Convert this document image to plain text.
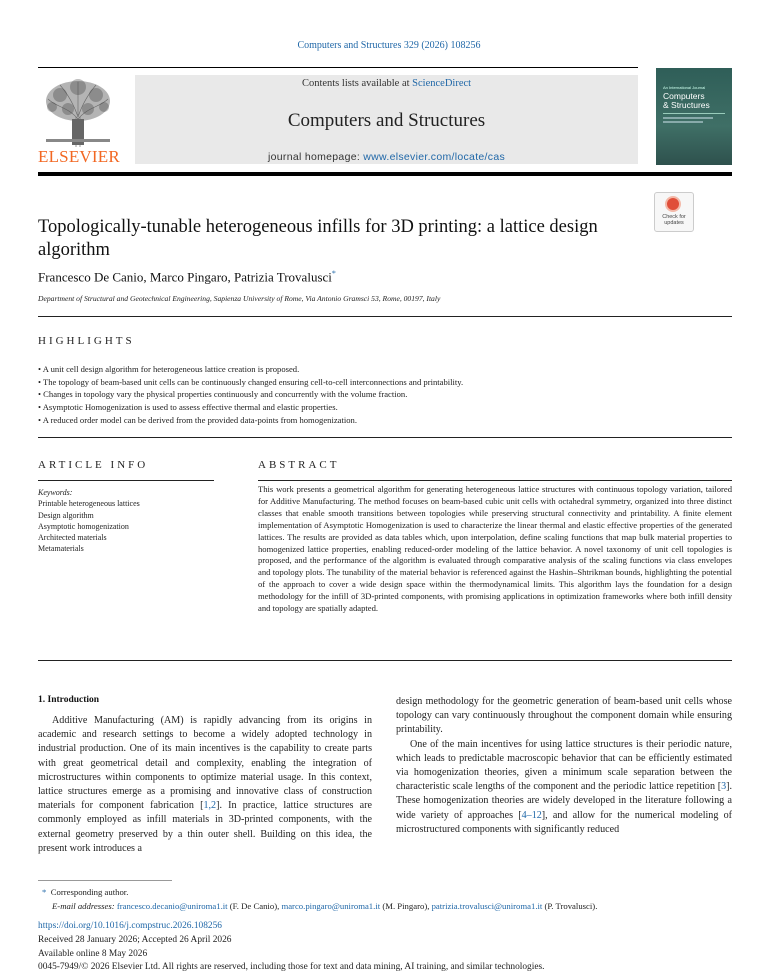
Computers and Structures 329 (2026) 108256
ELSEVIER
Contents lists available at ScienceDirect
Computers and Structures
journal homepage: www.elsevier.com/locate/cas
An International Journal
Computers
& Structures
Check for
updates
Topologically-tunable heterogeneous infills for 3D printing: a lattice design algorithm
Francesco De Canio, Marco Pingaro, Patrizia Trovalusci*
Department of Structural and Geotechnical Engineering, Sapienza University of Rome, Via Antonio Gramsci 53, Rome, 00197, Italy
HIGHLIGHTS
• A unit cell design algorithm for heterogeneous lattice creation is proposed.
• The topology of beam-based unit cells can be continuously changed ensuring cell-to-cell interconnections and printability.
• Changes in topology vary the physical properties continuously and concurrently with the volume fraction.
• Asymptotic Homogenization is used to assess effective thermal and elastic properties.
• A reduced order model can be derived from the provided data-points from homogenization.
ARTICLE INFO	ABSTRACT
Keywords:
Printable heterogeneous lattices
Design algorithm
Asymptotic homogenization
Architected materials
Metamaterials
This work presents a geometrical algorithm for generating heterogeneous lattice structures with continuous topology variation, tailored for Additive Manufacturing. The method focuses on beam-based cubic unit cells with octahedral symmetry, organized into three distinct classes that enable smooth transitions between topologies while preserving structural connectivity and printability. A finite element implementation of Asymptotic Homogenization is used to characterize the linear thermal and elastic effective properties of the generated lattices. The results are provided as data tables which, upon interpolation, define scaling functions that map bulk material properties to homogenized lattice properties, enabling reduced-order modeling of the lattice behavior. A novel taxonomy of unit cell topologies is proposed, and the performance of the algorithm is evaluated through comparative analysis of the scaling functions via class envelopes and topology plots. The tunability of the material behavior is referenced against the Hashin–Shtrikman bounds, highlighting the potential of the approach to cover a wide design space within the thermodynamical limits. This algorithm lays the foundation for a design methodology for the infill of 3D-printed components, with promising applications in optimization frameworks where both infill density and topology are spatially adapted.
1. Introduction
Additive Manufacturing (AM) is rapidly advancing from its origins in academic and research settings to become a widely adopted technology in industrial production. One of its main incentives is the capability to create parts with great geometrical detail and complexity, enabling the integration of microstructures within components to optimize material usage. In this context, lattice structures emerge as a promising and innovative class of construction materials for component fabrication [1,2]. In practice, lattice structures are commonly employed as infill materials in 3D-printed components, with the external geometry preserved by a thin outer shell. Building on this idea, the present work introduces a

design methodology for the geometric generation of beam-based unit cells whose topology can vary continuously throughout the component domain while ensuring printability.

One of the main incentives for using lattice structures is their periodic nature, which leads to predictable macroscopic behavior that can be efficiently estimated via homogenization theories, given a minimum scale separation between the characteristic scale lengths of the component and the periodic lattice repetition [3]. These homogenization theories are widely developed in the literature following a wide variety of approaches [4–12], and allow for the numerical modeling of microstructured components with significantly reduced

* Corresponding author.
E-mail addresses: francesco.decanio@uniroma1.it (F. De Canio), marco.pingaro@uniroma1.it (M. Pingaro), patrizia.trovalusci@uniroma1.it (P. Trovalusci).
https://doi.org/10.1016/j.compstruc.2026.108256
Received 28 January 2026; Accepted 26 April 2026
Available online 8 May 2026
0045-7949/© 2026 Elsevier Ltd. All rights are reserved, including those for text and data mining, AI training, and similar technologies.
